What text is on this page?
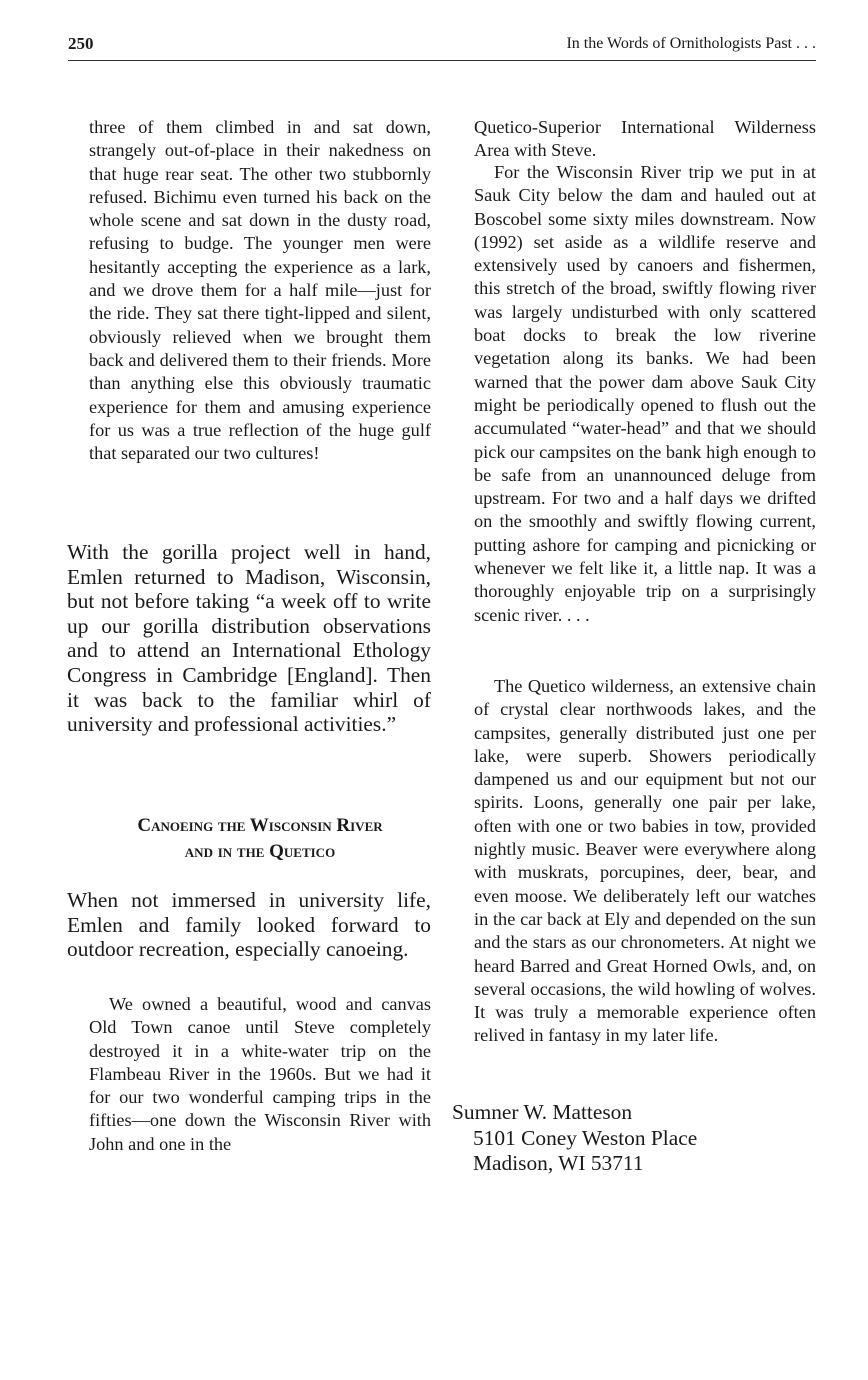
250	In the Words of Ornithologists Past . . .

three of them climbed in and sat down, strangely out-of-place in their nakedness on that huge rear seat. The other two stubbornly refused. Bichimu even turned his back on the whole scene and sat down in the dusty road, refusing to budge. The younger men were hesitantly accepting the experience as a lark, and we drove them for a half mile—just for the ride. They sat there tight-lipped and silent, obviously relieved when we brought them back and delivered them to their friends. More than anything else this obviously traumatic experience for them and amusing experience for us was a true reflection of the huge gulf that separated our two cultures!

With the gorilla project well in hand, Emlen returned to Madison, Wisconsin, but not before taking “a week off to write up our gorilla distribution observations and to attend an International Ethology Congress in Cambridge [England]. Then it was back to the familiar whirl of university and professional activities.”

Canoeing the Wisconsin River
and in the Quetico

When not immersed in university life, Emlen and family looked forward to outdoor recreation, especially canoeing.

We owned a beautiful, wood and canvas Old Town canoe until Steve completely destroyed it in a white-water trip on the Flambeau River in the 1960s. But we had it for our two wonderful camping trips in the fifties—one down the Wisconsin River with John and one in the

Quetico-Superior International Wilderness Area with Steve.

For the Wisconsin River trip we put in at Sauk City below the dam and hauled out at Boscobel some sixty miles downstream. Now (1992) set aside as a wildlife reserve and extensively used by canoers and fishermen, this stretch of the broad, swiftly flowing river was largely undisturbed with only scattered boat docks to break the low riverine vegetation along its banks. We had been warned that the power dam above Sauk City might be periodically opened to flush out the accumulated “water-head” and that we should pick our campsites on the bank high enough to be safe from an unannounced deluge from upstream. For two and a half days we drifted on the smoothly and swiftly flowing current, putting ashore for camping and picnicking or whenever we felt like it, a little nap. It was a thoroughly enjoyable trip on a surprisingly scenic river. . . .

The Quetico wilderness, an extensive chain of crystal clear northwoods lakes, and the campsites, generally distributed just one per lake, were superb. Showers periodically dampened us and our equipment but not our spirits. Loons, generally one pair per lake, often with one or two babies in tow, provided nightly music. Beaver were everywhere along with muskrats, porcupines, deer, bear, and even moose. We deliberately left our watches in the car back at Ely and depended on the sun and the stars as our chronometers. At night we heard Barred and Great Horned Owls, and, on several occasions, the wild howling of wolves. It was truly a memorable experience often relived in fantasy in my later life.

Sumner W. Matteson
5101 Coney Weston Place
Madison, WI 53711
